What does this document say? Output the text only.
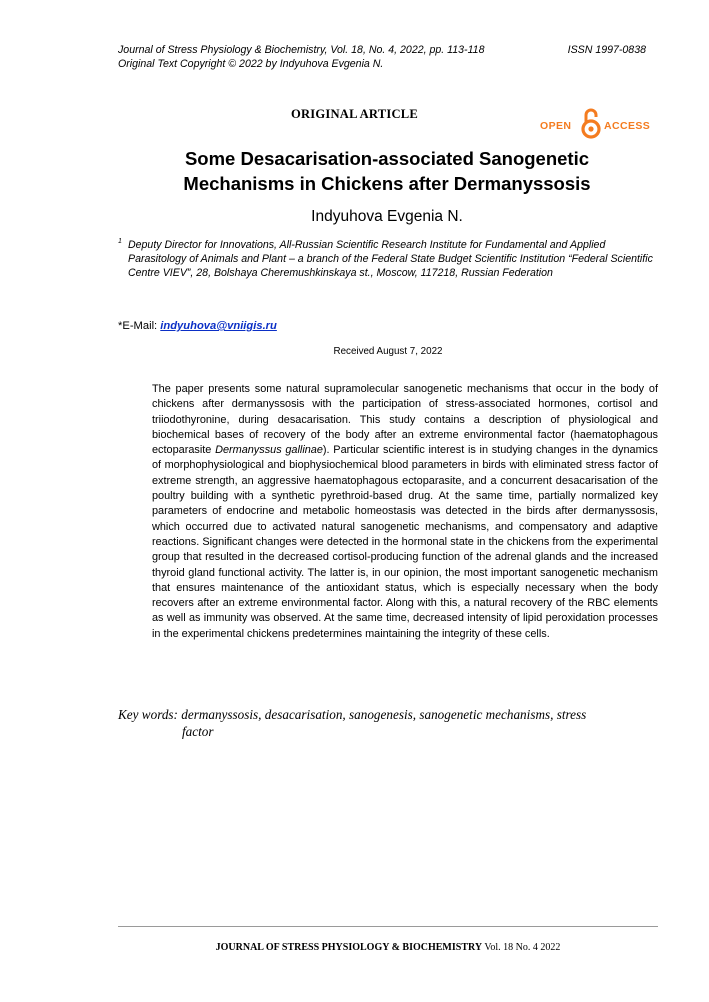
Journal of Stress Physiology & Biochemistry, Vol. 18, No. 4, 2022, pp. 113-118	ISSN 1997-0838
Original Text Copyright © 2022 by Indyuhova Evgenia N.
ORIGINAL ARTICLE
OPEN	ACCESS
Some Desacarisation-associated Sanogenetic
Mechanisms in Chickens after Dermanyssosis
Indyuhova Evgenia N.
1 Deputy Director for Innovations, All-Russian Scientific Research Institute for Fundamental and Applied Parasitology of Animals and Plant – a branch of the Federal State Budget Scientific Institution “Federal Scientific Centre VIEV”, 28, Bolshaya Cheremushkinskaya st., Moscow, 117218, Russian Federation
*E-Mail: indyuhova@vniigis.ru
Received August 7, 2022
The paper presents some natural supramolecular sanogenetic mechanisms that occur in the body of chickens after dermanyssosis with the participation of stress-associated hormones, cortisol and triiodothyronine, during desacarisation. This study contains a description of physiological and biochemical bases of recovery of the body after an extreme environmental factor (haematophagous ectoparasite Dermanyssus gallinae). Particular scientific interest is in studying changes in the dynamics of morphophysiological and biophysiochemical blood parameters in birds with eliminated stress factor of extreme strength, an aggressive haematophagous ectoparasite, and a concurrent desacarisation of the poultry building with a synthetic pyrethroid-based drug. At the same time, partially normalized key parameters of endocrine and metabolic homeostasis was detected in the birds after dermanyssosis, which occurred due to activated natural sanogenetic mechanisms, and compensatory and adaptive reactions. Significant changes were detected in the hormonal state in the chickens from the experimental group that resulted in the decreased cortisol-producing function of the adrenal glands and the increased thyroid gland functional activity. The latter is, in our opinion, the most important sanogenetic mechanism that ensures maintenance of the antioxidant status, which is especially necessary when the body recovers after an extreme environmental factor. Along with this, a natural recovery of the RBC elements as well as immunity was observed. At the same time, decreased intensity of lipid peroxidation processes in the experimental chickens predetermines maintaining the integrity of these cells.
Key words: dermanyssosis, desacarisation, sanogenesis, sanogenetic mechanisms, stress
factor
JOURNAL OF STRESS PHYSIOLOGY & BIOCHEMISTRY Vol. 18 No. 4 2022
